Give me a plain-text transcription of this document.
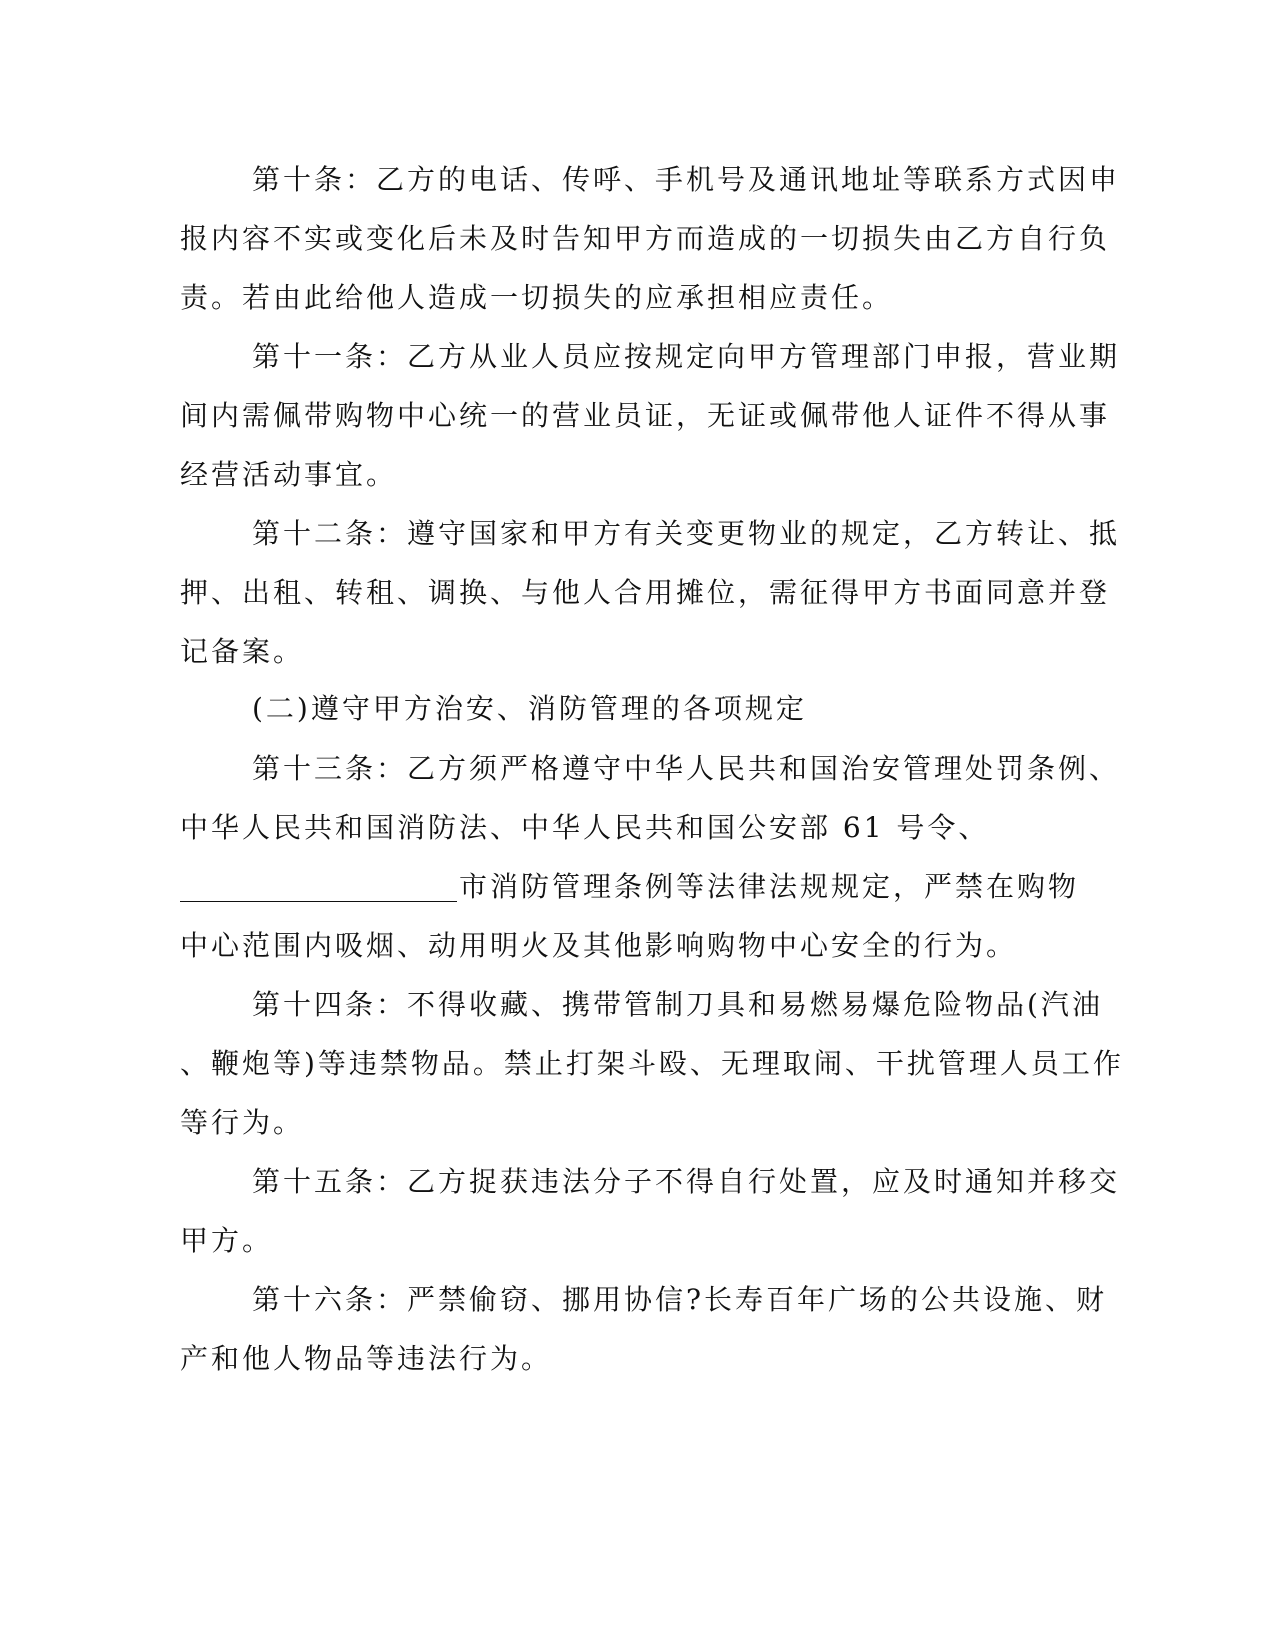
第十条：乙方的电话、传呼、手机号及通讯地址等联系方式因申
报内容不实或变化后未及时告知甲方而造成的一切损失由乙方自行负
责。若由此给他人造成一切损失的应承担相应责任。
第十一条：乙方从业人员应按规定向甲方管理部门申报，营业期
间内需佩带购物中心统一的营业员证，无证或佩带他人证件不得从事
经营活动事宜。
第十二条：遵守国家和甲方有关变更物业的规定，乙方转让、抵
押、出租、转租、调换、与他人合用摊位，需征得甲方书面同意并登
记备案。
(二)遵守甲方治安、消防管理的各项规定
第十三条：乙方须严格遵守中华人民共和国治安管理处罚条例、
中华人民共和国消防法、中华人民共和国公安部 61 号令、
市消防管理条例等法律法规规定，严禁在购物
中心范围内吸烟、动用明火及其他影响购物中心安全的行为。
第十四条：不得收藏、携带管制刀具和易燃易爆危险物品(汽油
、鞭炮等)等违禁物品。禁止打架斗殴、无理取闹、干扰管理人员工作
等行为。
第十五条：乙方捉获违法分子不得自行处置，应及时通知并移交
甲方。
第十六条：严禁偷窃、挪用协信?长寿百年广场的公共设施、财
产和他人物品等违法行为。
